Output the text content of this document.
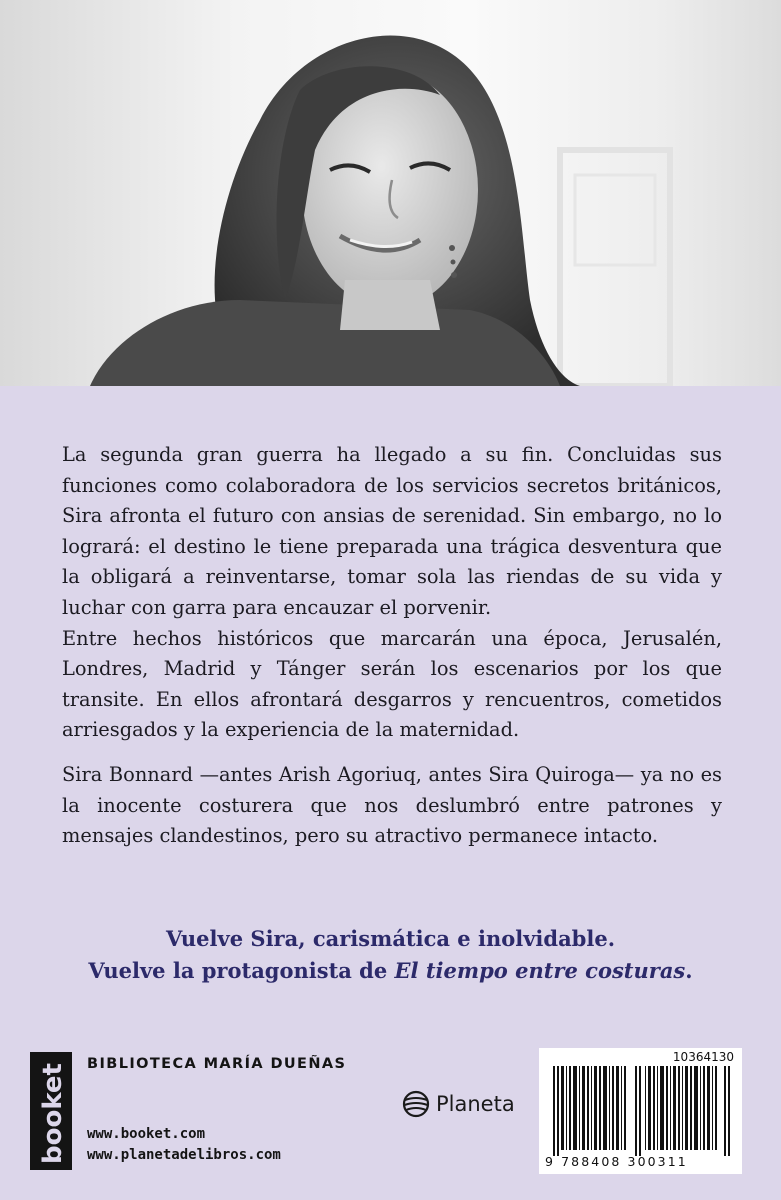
La segunda gran guerra ha llegado a su fin. Concluidas sus funciones como colaboradora de los servicios secretos británicos, Sira afronta el futuro con ansias de serenidad. Sin embargo, no lo logrará: el destino le tiene preparada una trágica desventura que la obligará a reinventarse, tomar sola las riendas de su vida y luchar con garra para encauzar el porvenir.

Entre hechos históricos que marcarán una época, Jerusalén, Londres, Madrid y Tánger serán los escenarios por los que transite. En ellos afrontará desgarros y rencuentros, cometidos arriesgados y la experiencia de la maternidad.

Sira Bonnard —antes Arish Agoriuq, antes Sira Quiroga— ya no es la inocente costurera que nos deslumbró entre patrones y mensajes clandestinos, pero su atractivo permanece intacto.

Vuelve Sira, carismática e inolvidable.
Vuelve la protagonista de El tiempo entre costuras.
booket BIBLIOTECA MARÍA DUEÑAS
www.booket.com
www.planetadelibros.com
Planeta
10364130
9 788408 300311
